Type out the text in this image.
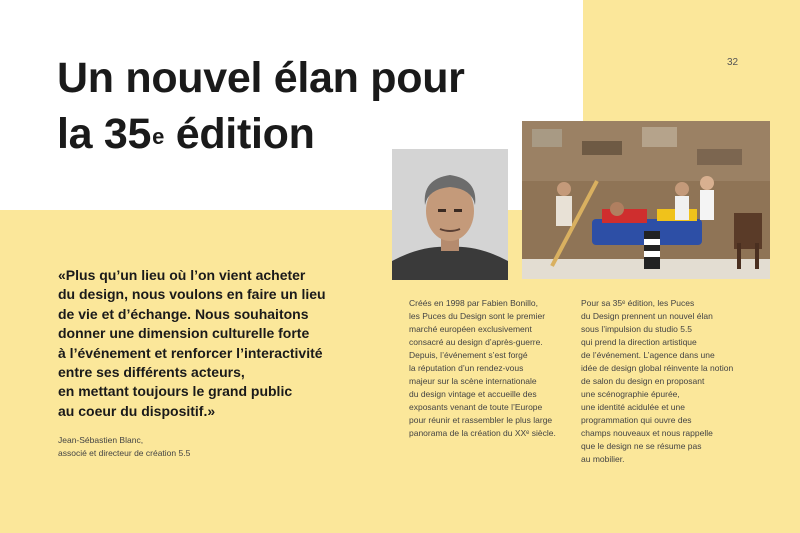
Un nouvel élan pour
la 35e édition
32

«Plus qu’un lieu où l’on vient acheter
du design, nous voulons en faire un lieu
de vie et d’échange. Nous souhaitons
donner une dimension culturelle forte
à l’événement et renforcer l’interactivité
entre ses différents acteurs,
en mettant toujours le grand public
au coeur du dispositif.»

Jean-Sébastien Blanc,
associé et directeur de création 5.5
Créés en 1998 par Fabien Bonillo,
les Puces du Design sont le premier
marché européen exclusivement
consacré au design d’après-guerre.
Depuis, l’événement s’est forgé
la réputation d’un rendez-vous
majeur sur la scène internationale
du design vintage et accueille des
exposants venant de toute l’Europe
pour réunir et rassembler le plus large
panorama de la création du XXᵉ siècle.
Pour sa 35ᵉ édition, les Puces
du Design prennent un nouvel élan
sous l’impulsion du studio 5.5
qui prend la direction artistique
de l’événement. L’agence dans une
idée de design global réinvente la notion
de salon du design en proposant
une scénographie épurée,
une identité acidulée et une
programmation qui ouvre des
champs nouveaux et nous rappelle
que le design ne se résume pas
au mobilier.
